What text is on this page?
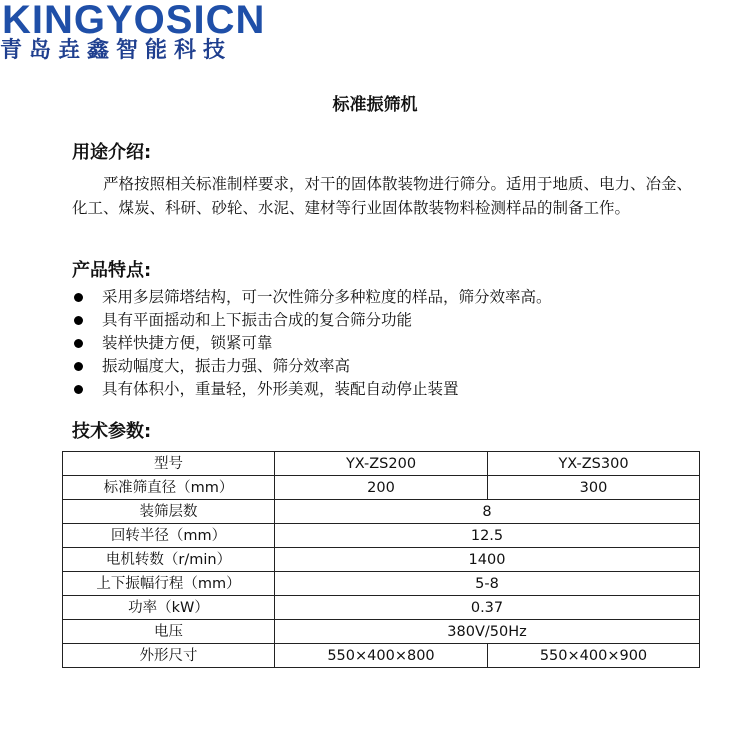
KINGYOSICN
青岛垚鑫智能科技
标准振筛机
用途介绍:
严格按照相关标准制样要求，对干的固体散装物进行筛分。适用于地质、电力、冶金、化工、煤炭、科研、砂轮、水泥、建材等行业固体散装物料检测样品的制备工作。
产品特点:
采用多层筛塔结构，可一次性筛分多种粒度的样品，筛分效率高。
具有平面摇动和上下振击合成的复合筛分功能
装样快捷方便，锁紧可靠
振动幅度大，振击力强、筛分效率高
具有体积小，重量轻，外形美观，装配自动停止装置
技术参数:
型号	YX-ZS200	YX-ZS300
标准筛直径（mm）	200	300
装筛层数	8	
回转半径（mm）	12.5	
电机转数（r/min）	1400	
上下振幅行程（mm）	5-8	
功率（kW）	0.37	
电压	380V/50Hz	
外形尺寸	550×400×800	550×400×900
